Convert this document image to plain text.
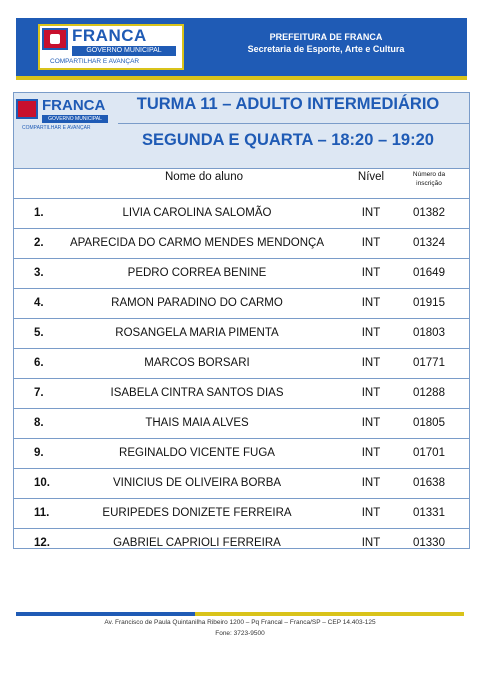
FRANCA
GOVERNO MUNICIPAL
COMPARTILHAR E AVANÇAR
PREFEITURA DE FRANCA
Secretaria de Esporte, Arte e Cultura
FRANCA
GOVERNO MUNICIPAL
COMPARTILHAR E AVANÇAR
TURMA 11 – ADULTO INTERMEDIÁRIO
SEGUNDA E QUARTA – 18:20 – 19:20
Nome do aluno	Nível	Número da inscrição
1.	LIVIA CAROLINA SALOMÃO	INT	01382
2.	APARECIDA DO CARMO MENDES MENDONÇA	INT	01324
3.	PEDRO CORREA BENINE	INT	01649
4.	RAMON PARADINO DO CARMO	INT	01915
5.	ROSANGELA MARIA PIMENTA	INT	01803
6.	MARCOS BORSARI	INT	01771
7.	ISABELA CINTRA SANTOS DIAS	INT	01288
8.	THAIS MAIA ALVES	INT	01805
9.	REGINALDO VICENTE FUGA	INT	01701
10.	VINICIUS DE OLIVEIRA BORBA	INT	01638
11.	EURIPEDES DONIZETE FERREIRA	INT	01331
12.	GABRIEL CAPRIOLI FERREIRA	INT	01330
Av. Francisco de Paula Quintanilha Ribeiro 1200 – Pq Francal – Franca/SP – CEP 14.403-125
Fone: 3723-9500
